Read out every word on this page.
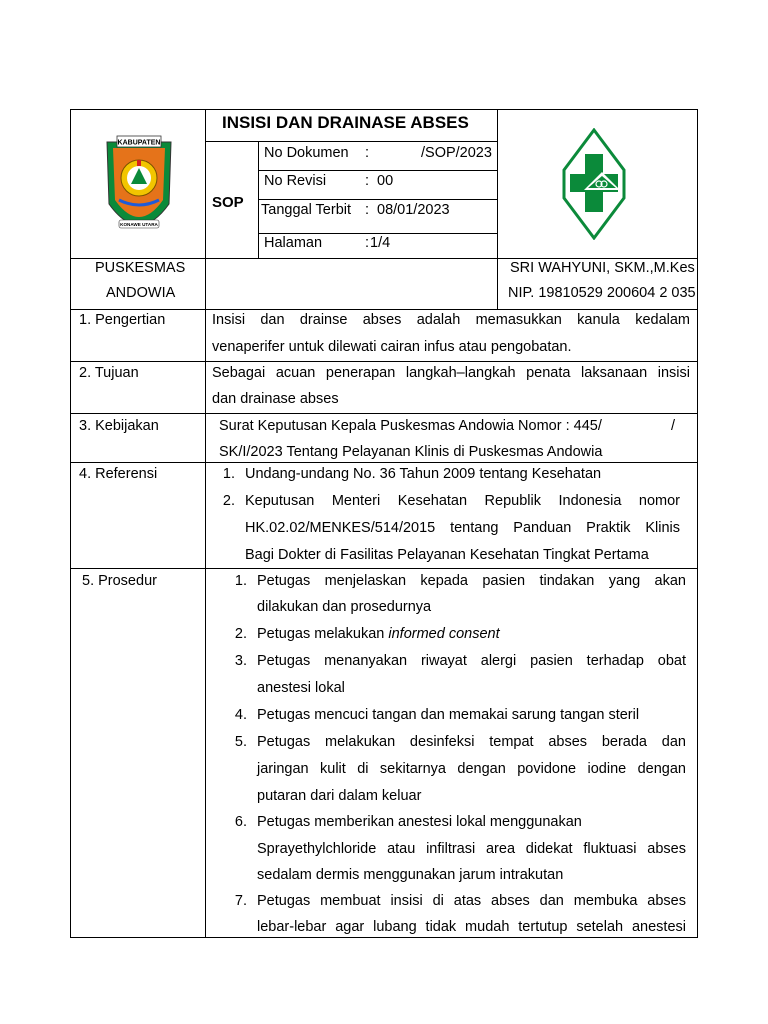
KABUPATEN
KONAWE UTARA
INSISI DAN DRAINASE ABSES
SOP
No Dokumen :	/SOP/2023
No Revisi	: 00
Tanggal Terbit : 08/01/2023
Halaman	: 1/4
PUSKESMAS
ANDOWIA
SRI WAHYUNI, SKM.,M.Kes
NIP. 19810529 200604 2 035
1. Pengertian	Insisi dan drainse abses adalah memasukkan kanula kedalam
venaperifer untuk dilewati cairan infus atau pengobatan.
2. Tujuan	Sebagai acuan penerapan langkah–langkah penata laksanaan insisi
dan drainase abses
3. Kebijakan	Surat Keputusan Kepala Puskesmas Andowia Nomor : 445/	/
SK/I/2023 Tentang Pelayanan Klinis di Puskesmas Andowia
4. Referensi	1. Undang-undang No. 36 Tahun 2009 tentang Kesehatan
2. Keputusan Menteri Kesehatan Republik Indonesia nomor
HK.02.02/MENKES/514/2015 tentang Panduan Praktik Klinis
Bagi Dokter di Fasilitas Pelayanan Kesehatan Tingkat Pertama
5. Prosedur	1. Petugas menjelaskan kepada pasien tindakan yang akan
dilakukan dan prosedurnya
2. Petugas melakukan informed consent
3. Petugas menanyakan riwayat alergi pasien terhadap obat
anestesi lokal
4. Petugas mencuci tangan dan memakai sarung tangan steril
5. Petugas melakukan desinfeksi tempat abses berada dan
jaringan kulit di sekitarnya dengan povidone iodine dengan
putaran dari dalam keluar
6. Petugas memberikan anestesi lokal menggunakan
Sprayethylchloride atau infiltrasi area didekat fluktuasi abses
sedalam dermis menggunakan jarum intrakutan
7. Petugas membuat insisi di atas abses dan membuka abses
lebar-lebar agar lubang tidak mudah tertutup setelah anestesi
